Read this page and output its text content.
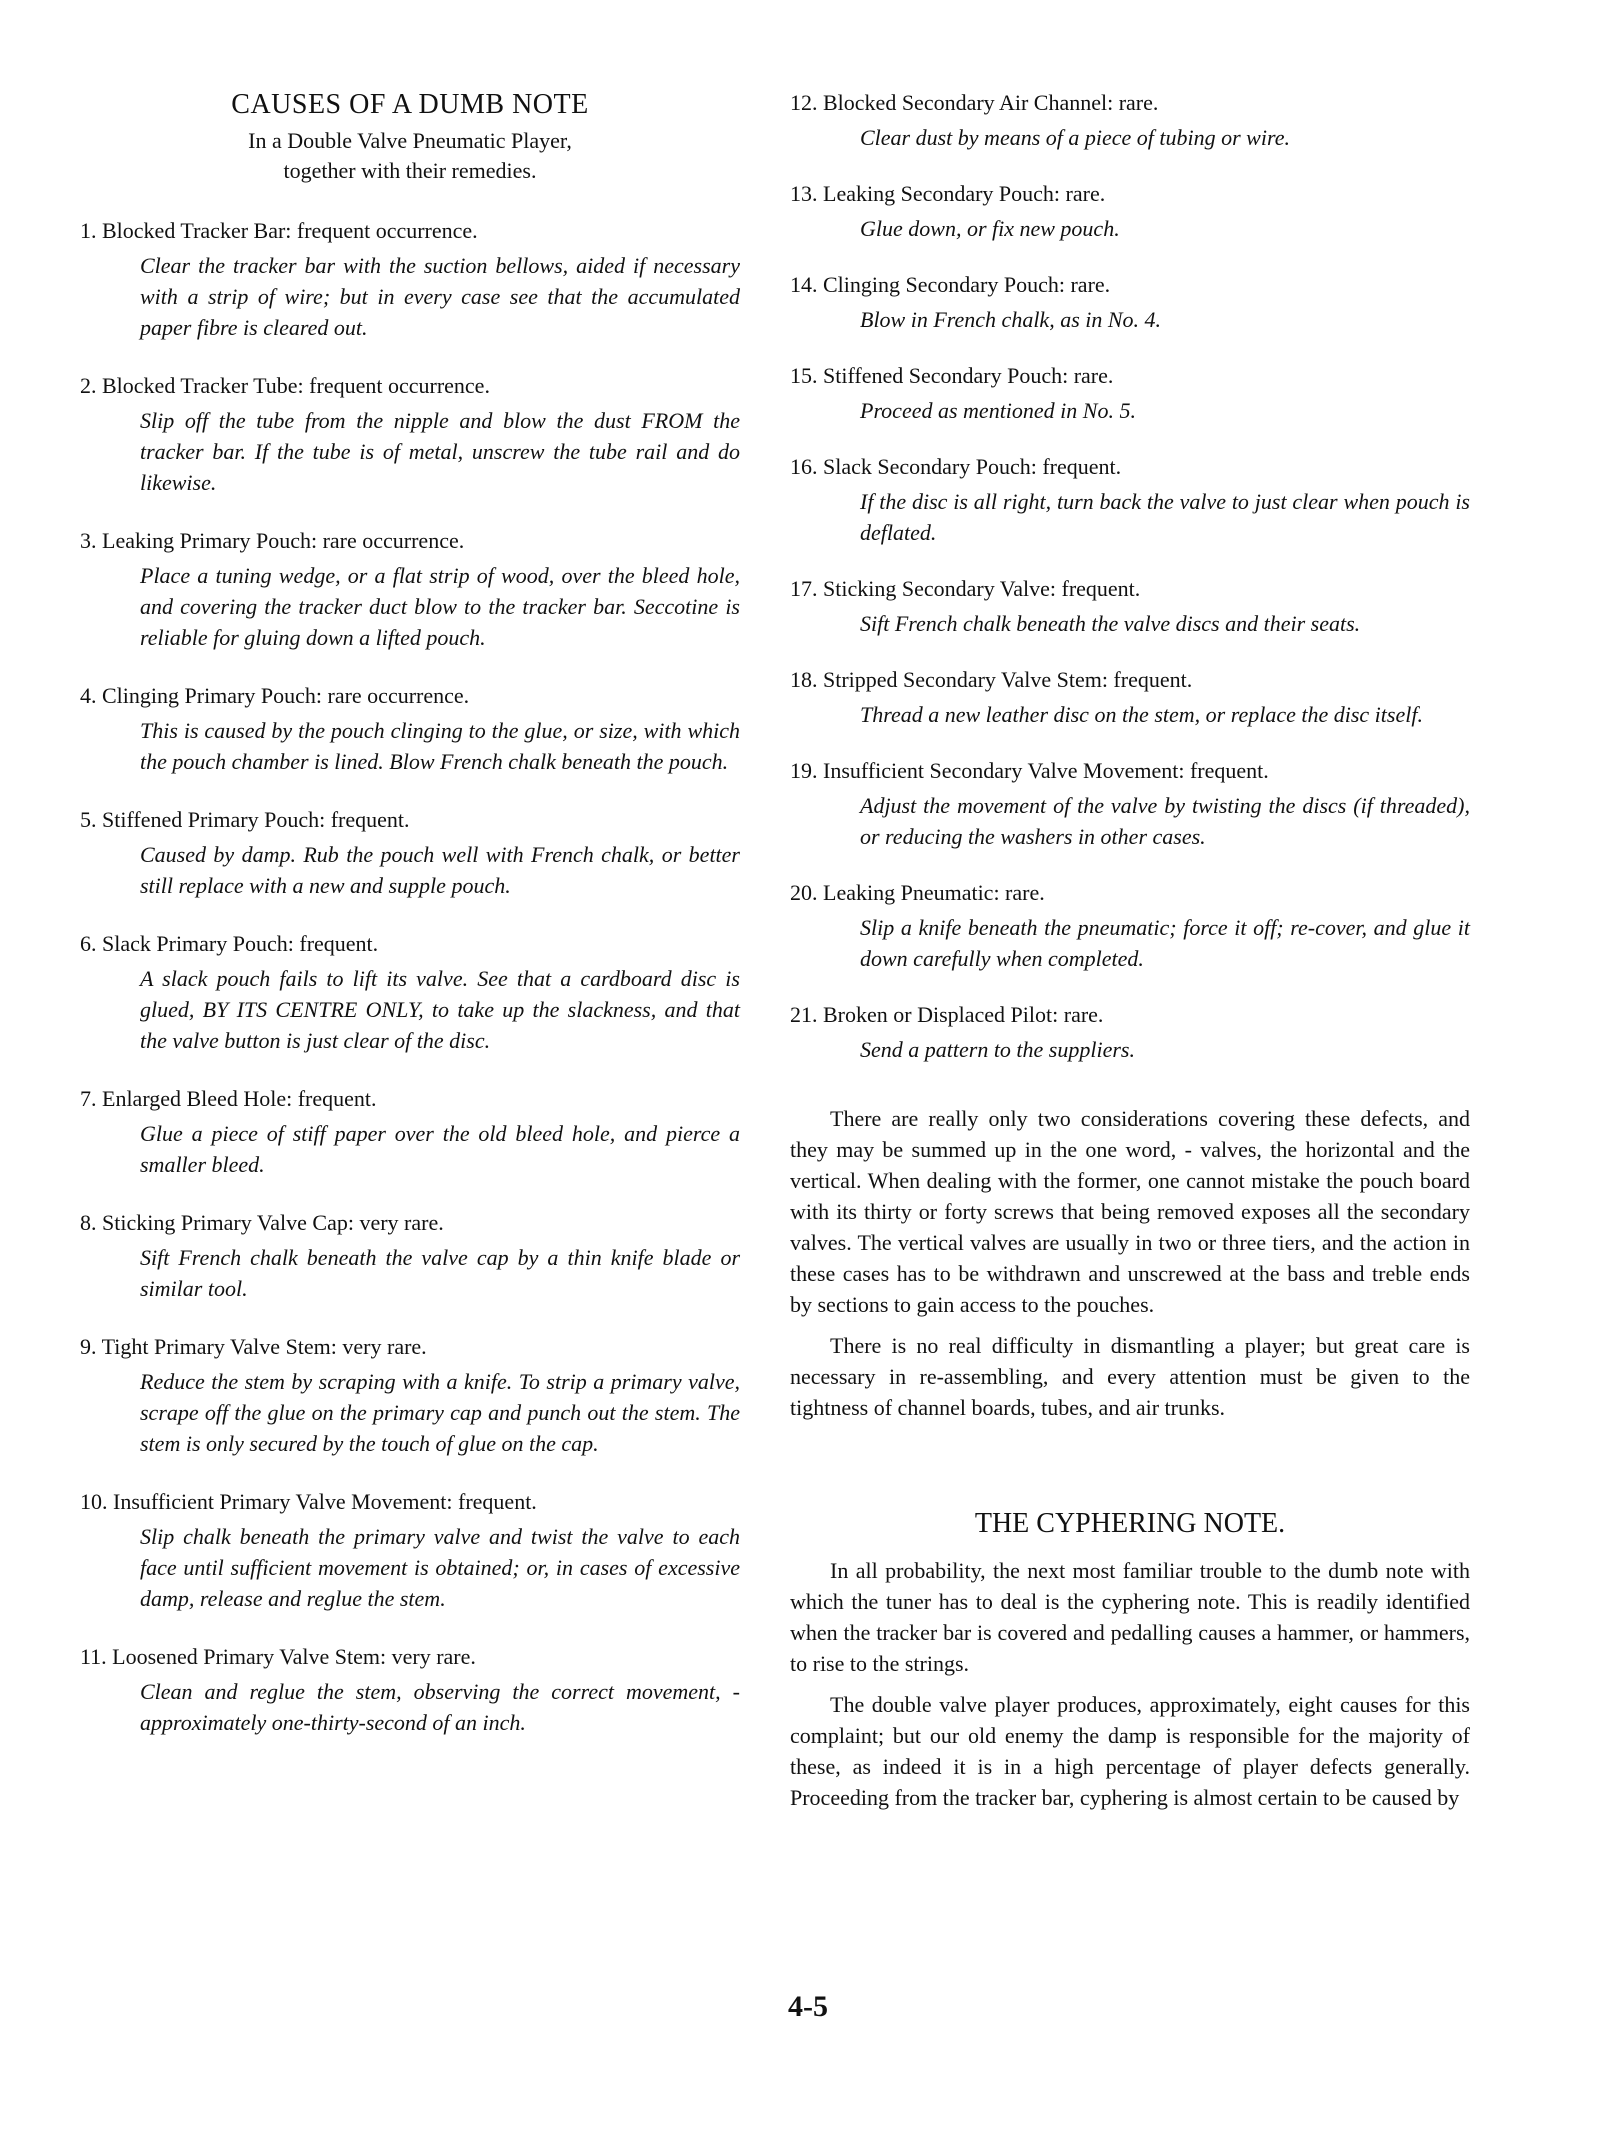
CAUSES OF A DUMB NOTE
In a Double Valve Pneumatic Player,
together with their remedies.

1. Blocked Tracker Bar: frequent occurrence.

Clear the tracker bar with the suction bellows, aided if necessary with a strip of wire; but in every case see that the accumulated paper fibre is cleared out.

2. Blocked Tracker Tube: frequent occurrence.

Slip off the tube from the nipple and blow the dust FROM the tracker bar. If the tube is of metal, unscrew the tube rail and do likewise.

3. Leaking Primary Pouch: rare occurrence.

Place a tuning wedge, or a flat strip of wood, over the bleed hole, and covering the tracker duct blow to the tracker bar. Seccotine is reliable for gluing down a lifted pouch.

4. Clinging Primary Pouch: rare occurrence.

This is caused by the pouch clinging to the glue, or size, with which the pouch chamber is lined. Blow French chalk beneath the pouch.

5. Stiffened Primary Pouch: frequent.

Caused by damp. Rub the pouch well with French chalk, or better still replace with a new and supple pouch.

6. Slack Primary Pouch: frequent.

A slack pouch fails to lift its valve. See that a cardboard disc is glued, BY ITS CENTRE ONLY, to take up the slackness, and that the valve button is just clear of the disc.

7. Enlarged Bleed Hole: frequent.

Glue a piece of stiff paper over the old bleed hole, and pierce a smaller bleed.

8. Sticking Primary Valve Cap: very rare.

Sift French chalk beneath the valve cap by a thin knife blade or similar tool.

9. Tight Primary Valve Stem: very rare.

Reduce the stem by scraping with a knife. To strip a primary valve, scrape off the glue on the primary cap and punch out the stem. The stem is only secured by the touch of glue on the cap.

10. Insufficient Primary Valve Movement: frequent.

Slip chalk beneath the primary valve and twist the valve to each face until sufficient movement is obtained; or, in cases of excessive damp, release and reglue the stem.

11. Loosened Primary Valve Stem: very rare.

Clean and reglue the stem, observing the correct movement, - approximately one-thirty-second of an inch.

12. Blocked Secondary Air Channel: rare.

Clear dust by means of a piece of tubing or wire.

13. Leaking Secondary Pouch: rare.

Glue down, or fix new pouch.

14. Clinging Secondary Pouch: rare.

Blow in French chalk, as in No. 4.

15. Stiffened Secondary Pouch: rare.

Proceed as mentioned in No. 5.

16. Slack Secondary Pouch: frequent.

If the disc is all right, turn back the valve to just clear when pouch is deflated.

17. Sticking Secondary Valve: frequent.

Sift French chalk beneath the valve discs and their seats.

18. Stripped Secondary Valve Stem: frequent.

Thread a new leather disc on the stem, or replace the disc itself.

19. Insufficient Secondary Valve Movement: frequent.

Adjust the movement of the valve by twisting the discs (if threaded), or reducing the washers in other cases.

20. Leaking Pneumatic: rare.

Slip a knife beneath the pneumatic; force it off; re-cover, and glue it down carefully when completed.

21. Broken or Displaced Pilot: rare.

Send a pattern to the suppliers.

There are really only two considerations covering these defects, and they may be summed up in the one word, - valves, the horizontal and the vertical. When dealing with the former, one cannot mistake the pouch board with its thirty or forty screws that being removed exposes all the secondary valves. The vertical valves are usually in two or three tiers, and the action in these cases has to be withdrawn and unscrewed at the bass and treble ends by sections to gain access to the pouches.

There is no real difficulty in dismantling a player; but great care is necessary in re-assembling, and every attention must be given to the tightness of channel boards, tubes, and air trunks.

THE CYPHERING NOTE.

In all probability, the next most familiar trouble to the dumb note with which the tuner has to deal is the cyphering note. This is readily identified when the tracker bar is covered and pedalling causes a hammer, or hammers, to rise to the strings.

The double valve player produces, approximately, eight causes for this complaint; but our old enemy the damp is responsible for the majority of these, as indeed it is in a high percentage of player defects generally. Proceeding from the tracker bar, cyphering is almost certain to be caused by

4-5
